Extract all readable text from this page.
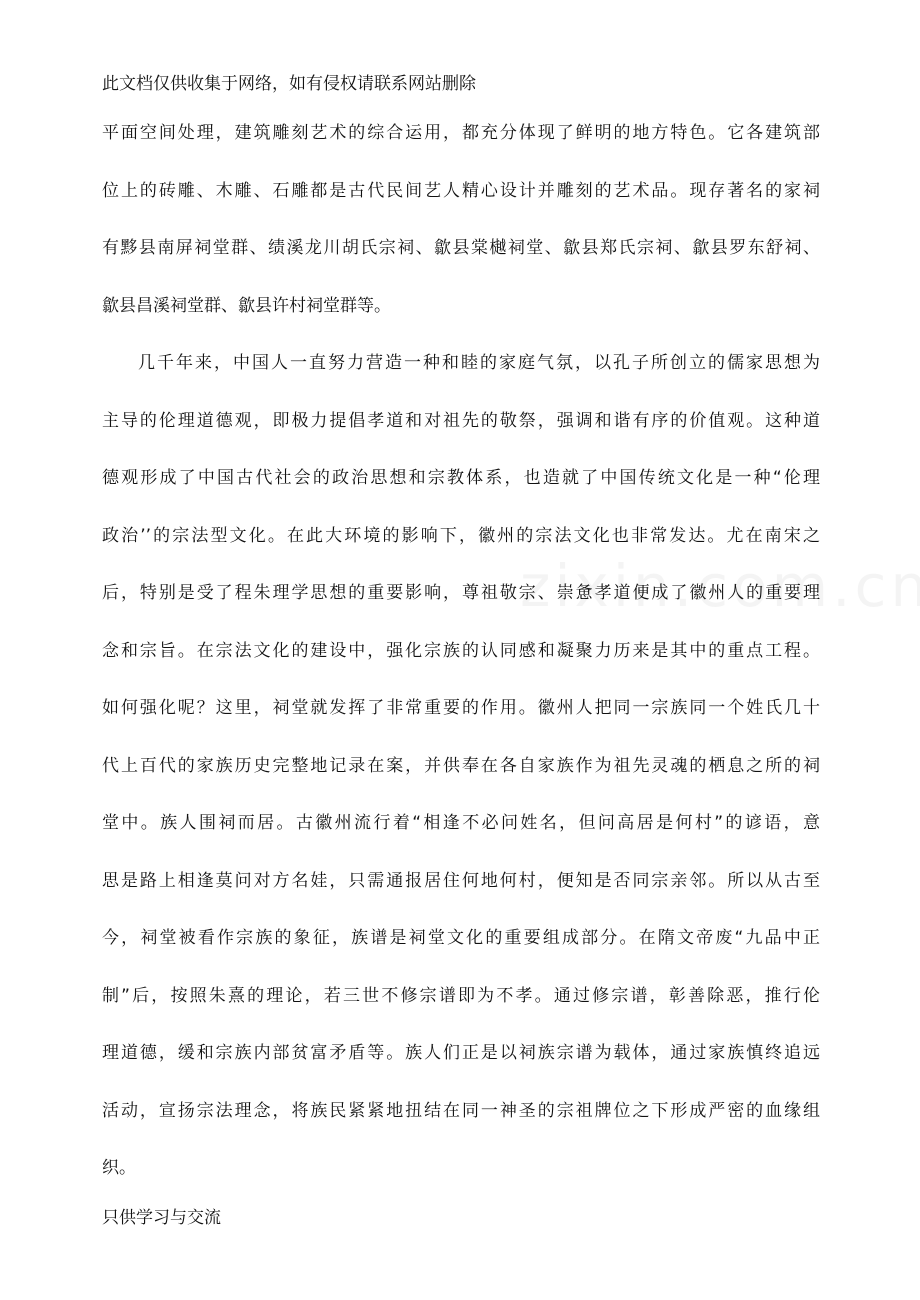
此文档仅供收集于网络，如有侵权请联系网站删除
平面空间处理，建筑雕刻艺术的综合运用，都充分体现了鲜明的地方特色。它各建筑部
位上的砖雕、木雕、石雕都是古代民间艺人精心设计并雕刻的艺术品。现存著名的家祠
有黟县南屏祠堂群、绩溪龙川胡氏宗祠、歙县棠樾祠堂、歙县郑氏宗祠、歙县罗东舒祠、
歙县昌溪祠堂群、歙县许村祠堂群等。
几千年来，中国人一直努力营造一种和睦的家庭气氛，以孔子所创立的儒家思想为
主导的伦理道德观，即极力提倡孝道和对祖先的敬祭，强调和谐有序的价值观。这种道
德观形成了中国古代社会的政治思想和宗教体系，也造就了中国传统文化是一种“伦理
政治’’的宗法型文化。在此大环境的影响下，徽州的宗法文化也非常发达。尤在南宋之
后，特别是受了程朱理学思想的重要影响，尊祖敬宗、崇惫孝道便成了徽州人的重要理
念和宗旨。在宗法文化的建设中，强化宗族的认同感和凝聚力历来是其中的重点工程。
如何强化呢？这里，祠堂就发挥了非常重要的作用。徽州人把同一宗族同一个姓氏几十
代上百代的家族历史完整地记录在案，并供奉在各自家族作为祖先灵魂的栖息之所的祠
堂中。族人围祠而居。古徽州流行着“相逢不必问姓名，但问高居是何村”的谚语，意
思是路上相逢莫问对方名娃，只需通报居住何地何村，便知是否同宗亲邻。所以从古至
今，祠堂被看作宗族的象征，族谱是祠堂文化的重要组成部分。在隋文帝废“九品中正
制”后，按照朱熹的理论，若三世不修宗谱即为不孝。通过修宗谱，彰善除恶，推行伦
理道德，缓和宗族内部贫富矛盾等。族人们正是以祠族宗谱为载体，通过家族慎终追远
活动，宣扬宗法理念，将族民紧紧地扭结在同一神圣的宗祖牌位之下形成严密的血缘组
织。
只供学习与交流
